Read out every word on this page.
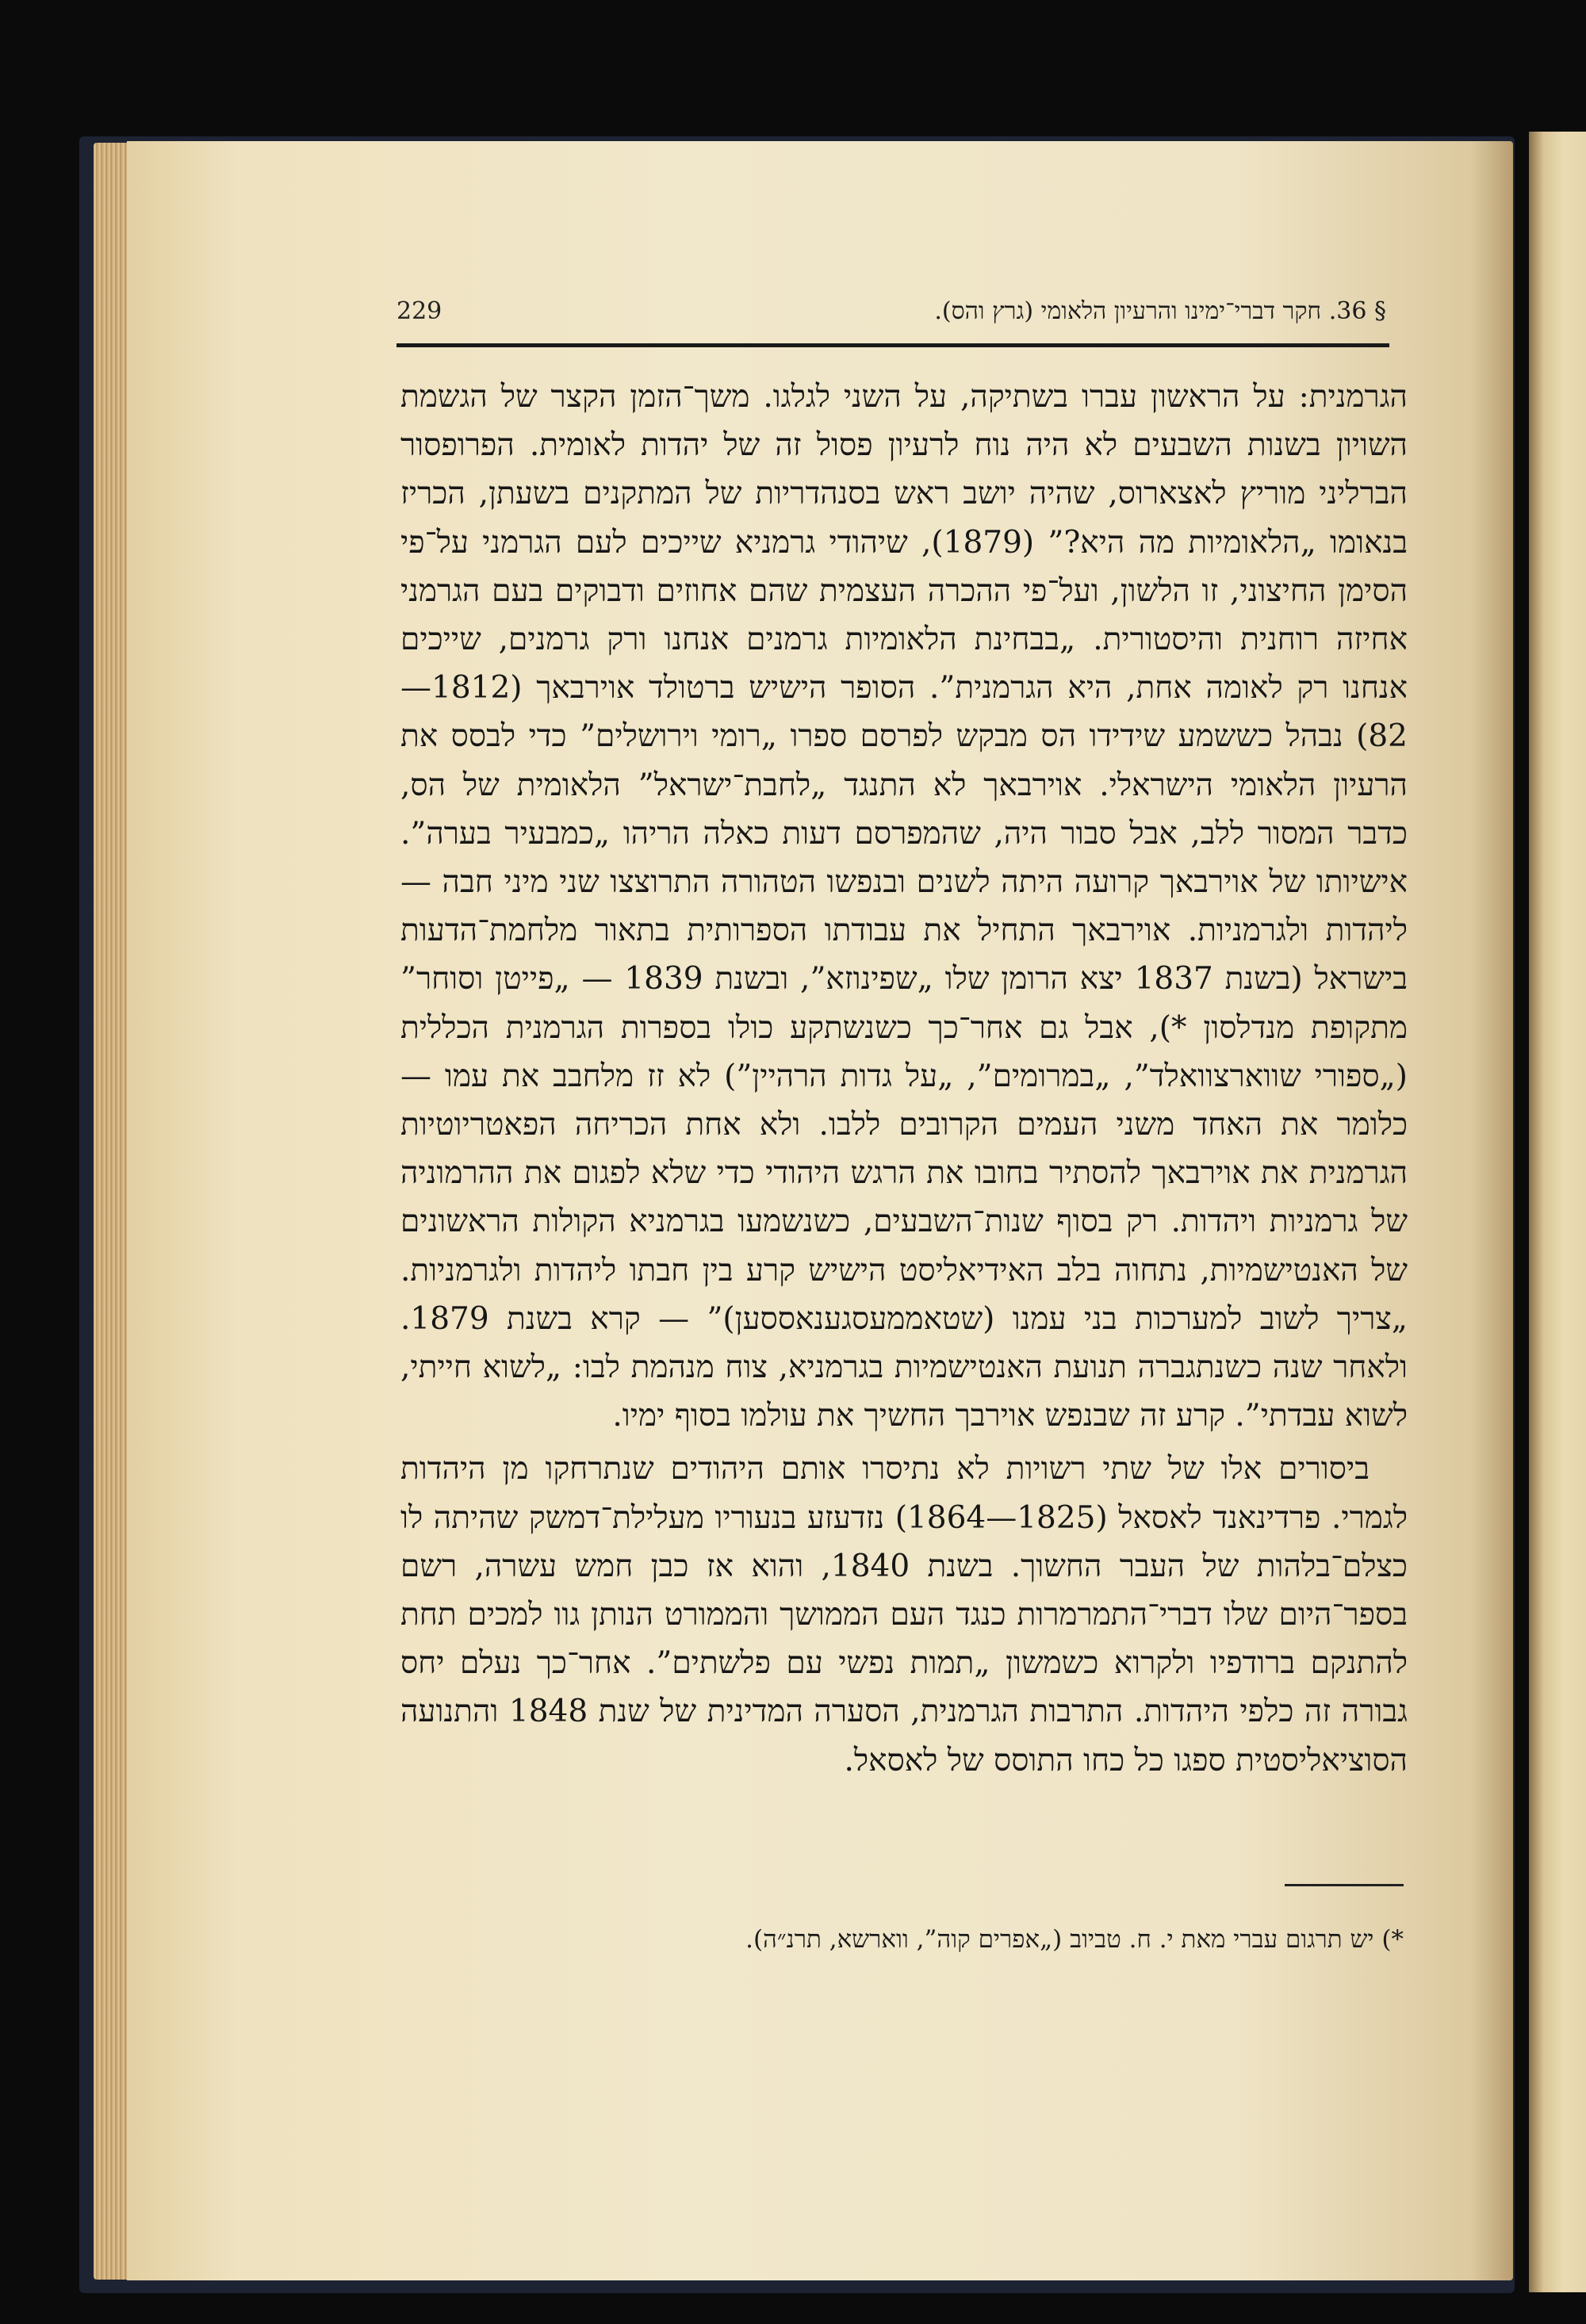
229	§ 36. חקר דברי־ימינו והרעיון הלאומי (גרץ והס).

הגרמנית: על הראשון עברו בשתיקה, על השני לגלגו. משך־הזמן הקצר של הגשמת השויון בשנות השבעים לא היה נוח לרעיון פסול זה של יהדות לאומית. הפרופסור הברליני מוריץ לאצארוס, שהיה יושב ראש בסנהדריות של המתקנים בשעתן, הכריז בנאומו „הלאומיות מה היא?” (1879), שיהודי גרמניא שייכים לעם הגרמני על־פי הסימן החיצוני, זו הלשון, ועל־פי ההכרה העצמית שהם אחוזים ודבוקים בעם הגרמני אחיזה רוחנית והיסטורית. „בבחינת הלאומיות גרמנים אנחנו ורק גרמנים, שייכים אנחנו רק לאומה אחת, היא הגרמנית”. הסופר הישיש ברטולד אוירבאך (1812—82) נבהל כששמע שידידו הס מבקש לפרסם ספרו „רומי וירושלים” כדי לבסס את הרעיון הלאומי הישראלי. אוירבאך לא התנגד „לחבת־ישראל” הלאומית של הס, כדבר המסור ללב, אבל סבור היה, שהמפרסם דעות כאלה הריהו „כמבעיר בערה”. אישיותו של אוירבאך קרועה היתה לשנים ובנפשו הטהורה התרוצצו שני מיני חבה — ליהדות ולגרמניות. אוירבאך התחיל את עבודתו הספרותית בתאור מלחמת־הדעות בישראל (בשנת 1837 יצא הרומן שלו „שפינוזא”, ובשנת 1839 — „פייטן וסוחר” מתקופת מנדלסון *), אבל גם אחר־כך כשנשתקע כולו בספרות הגרמנית הכללית („ספורי שווארצוואלד”, „במרומים”, „על גדות הרהיין”) לא זז מלחבב את עמו — כלומר את האחד משני העמים הקרובים ללבו. ולא אחת הכריחה הפאטריוטיות הגרמנית את אוירבאך להסתיר בחובו את הרגש היהודי כדי שלא לפגום את ההרמוניה של גרמניות ויהדות. רק בסוף שנות־השבעים, כשנשמעו בגרמניא הקולות הראשונים של האנטישמיות, נתחוה בלב האידיאליסט הישיש קרע בין חבתו ליהדות ולגרמניות. „צריך לשוב למערכות בני עמנו (שטאממעסגענאססען)” — קרא בשנת 1879. ולאחר שנה כשנתגברה תנועת האנטישמיות בגרמניא, צוח מנהמת לבו: „לשוא חייתי, לשוא עבדתי”. קרע זה שבנפש אוירבך החשיך את עולמו בסוף ימיו.

ביסורים אלו של שתי רשויות לא נתיסרו אותם היהודים שנתרחקו מן היהדות לגמרי. פרדינאנד לאסאל (1825—1864) נזדעזע בנעוריו מעלילת־דמשק שהיתה לו כצלם־בלהות של העבר החשוך. בשנת 1840, והוא אז כבן חמש עשרה, רשם בספר־היום שלו דברי־התמרמרות כנגד העם הממושך והממורט הנותן גוו למכים תחת להתנקם ברודפיו ולקרוא כשמשון „תמות נפשי עם פלשתים”. אחר־כך נעלם יחס גבורה זה כלפי היהדות. התרבות הגרמנית, הסערה המדינית של שנת 1848 והתנועה הסוציאליסטית ספגו כל כחו התוסס של לאסאל.

*) יש תרגום עברי מאת י. ח. טביוב („אפרים קוה”, ווארשא, תרנ״ה).
